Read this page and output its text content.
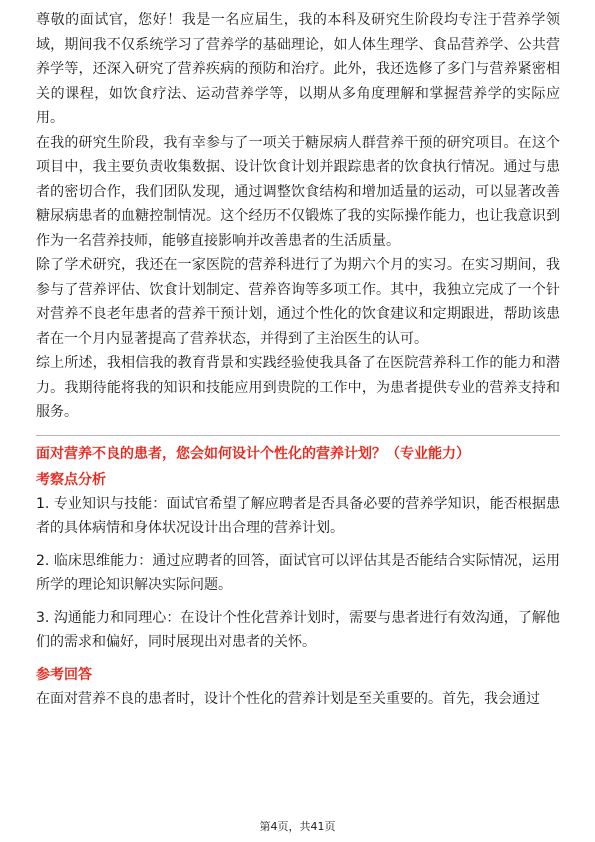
尊敬的面试官，您好！我是一名应届生，我的本科及研究生阶段均专注于营养学领域，期间我不仅系统学习了营养学的基础理论，如人体生理学、食品营养学、公共营养学等，还深入研究了营养疾病的预防和治疗。此外，我还选修了多门与营养紧密相关的课程，如饮食疗法、运动营养学等，以期从多角度理解和掌握营养学的实际应用。

在我的研究生阶段，我有幸参与了一项关于糖尿病人群营养干预的研究项目。在这个项目中，我主要负责收集数据、设计饮食计划并跟踪患者的饮食执行情况。通过与患者的密切合作，我们团队发现，通过调整饮食结构和增加适量的运动，可以显著改善糖尿病患者的血糖控制情况。这个经历不仅锻炼了我的实际操作能力，也让我意识到作为一名营养技师，能够直接影响并改善患者的生活质量。

除了学术研究，我还在一家医院的营养科进行了为期六个月的实习。在实习期间，我参与了营养评估、饮食计划制定、营养咨询等多项工作。其中，我独立完成了一个针对营养不良老年患者的营养干预计划，通过个性化的饮食建议和定期跟进，帮助该患者在一个月内显著提高了营养状态，并得到了主治医生的认可。

综上所述，我相信我的教育背景和实践经验使我具备了在医院营养科工作的能力和潜力。我期待能将我的知识和技能应用到贵院的工作中，为患者提供专业的营养支持和服务。

面对营养不良的患者，您会如何设计个性化的营养计划？（专业能力）

考察点分析

1. 专业知识与技能：面试官希望了解应聘者是否具备必要的营养学知识，能否根据患者的具体病情和身体状况设计出合理的营养计划。

2. 临床思维能力：通过应聘者的回答，面试官可以评估其是否能结合实际情况，运用所学的理论知识解决实际问题。

3. 沟通能力和同理心：在设计个性化营养计划时，需要与患者进行有效沟通，了解他们的需求和偏好，同时展现出对患者的关怀。

参考回答

在面对营养不良的患者时，设计个性化的营养计划是至关重要的。首先，我会通过

第4页，共41页
